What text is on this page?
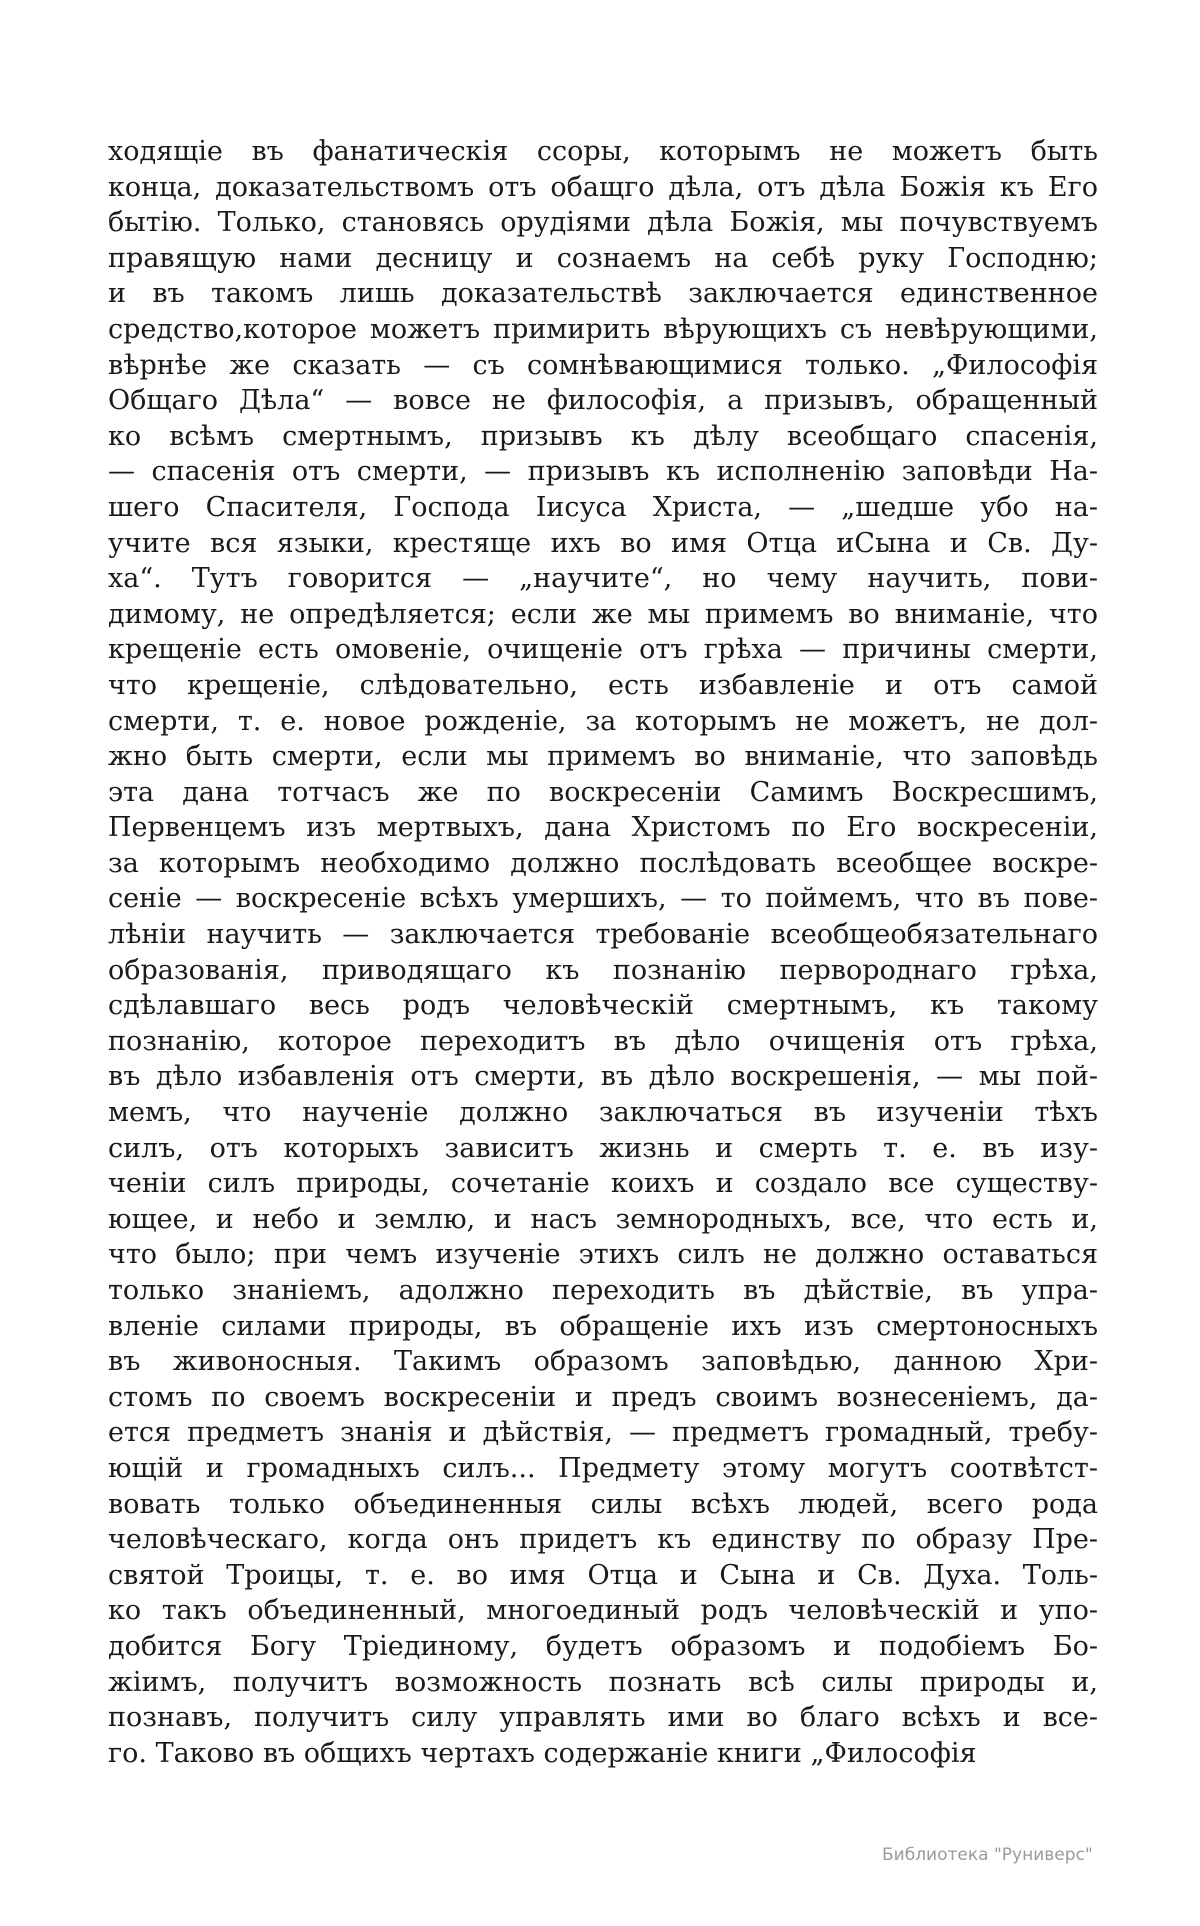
ходящіе въ фанатическія ссоры, которымъ не можетъ быть
конца, доказательствомъ отъ обащго дѣла, отъ дѣла Божія къ Его
бытію. Только, становясь орудіями дѣла Божія, мы почувствуемъ
правящую нами десницу и сознаемъ на себѣ руку Господню;
и въ такомъ лишь доказательствѣ заключается единственное
средство,которое можетъ примирить вѣрующихъ съ невѣрующими,
вѣрнѣе же сказать — съ сомнѣвающимися только. „Философія
Общаго Дѣла“ — вовсе не философія, а призывъ, обращенный
ко всѣмъ смертнымъ, призывъ къ дѣлу всеобщаго спасенія,
— спасенія отъ смерти, — призывъ къ исполненію заповѣди На-
шего Спасителя, Господа Іисуса Христа, — „шедше убо на-
учите вся языки, крестяще ихъ во имя Отца иСына и Св. Ду-
ха“. Тутъ говорится — „научите“, но чему научить, пови-
димому, не опредѣляется; если же мы примемъ во вниманіе, что
крещеніе есть омовеніе, очищеніе отъ грѣха — причины смерти,
что крещеніе, слѣдовательно, есть избавленіе и отъ самой
смерти, т. е. новое рожденіе, за которымъ не можетъ, не дол-
жно быть смерти, если мы примемъ во вниманіе, что заповѣдь
эта дана тотчасъ же по воскресеніи Самимъ Воскресшимъ,
Первенцемъ изъ мертвыхъ, дана Христомъ по Его воскресеніи,
за которымъ необходимо должно послѣдовать всеобщее воскре-
сеніе — воскресеніе всѣхъ умершихъ, — то поймемъ, что въ пове-
лѣніи научить — заключается требованіе всеобщеобязательнаго
образованія, приводящаго къ познанію первороднаго грѣха,
сдѣлавшаго весь родъ человѣческій смертнымъ, къ такому
познанію, которое переходитъ въ дѣло очищенія отъ грѣха,
въ дѣло избавленія отъ смерти, въ дѣло воскрешенія, — мы пой-
мемъ, что наученіе должно заключаться въ изученіи тѣхъ
силъ, отъ которыхъ зависитъ жизнь и смерть т. е. въ изу-
ченіи силъ природы, сочетаніе коихъ и создало все существу-
ющее, и небо и землю, и насъ земнородныхъ, все, что есть и,
что было; при чемъ изученіе этихъ силъ не должно оставаться
только знаніемъ, адолжно переходить въ дѣйствіе, въ упра-
вленіе силами природы, въ обращеніе ихъ изъ смертоносныхъ
въ живоносныя. Такимъ образомъ заповѣдью, данною Хри-
стомъ по своемъ воскресеніи и предъ своимъ вознесеніемъ, да-
ется предметъ знанія и дѣйствія, — предметъ громадный, требу-
ющій и громадныхъ силъ... Предмету этому могутъ соотвѣтст-
вовать только объединенныя силы всѣхъ людей, всего рода
человѣческаго, когда онъ придетъ къ единству по образу Пре-
святой Троицы, т. е. во имя Отца и Сына и Св. Духа. Толь-
ко такъ объединенный, многоединый родъ человѣческій и упо-
добится Богу Тріединому, будетъ образомъ и подобіемъ Бо-
жіимъ, получитъ возможность познать всѣ силы природы и,
познавъ, получитъ силу управлять ими во благо всѣхъ и все-
го. Таково въ общихъ чертахъ содержаніе книги „Философія
Библиотека "Руниверс"
